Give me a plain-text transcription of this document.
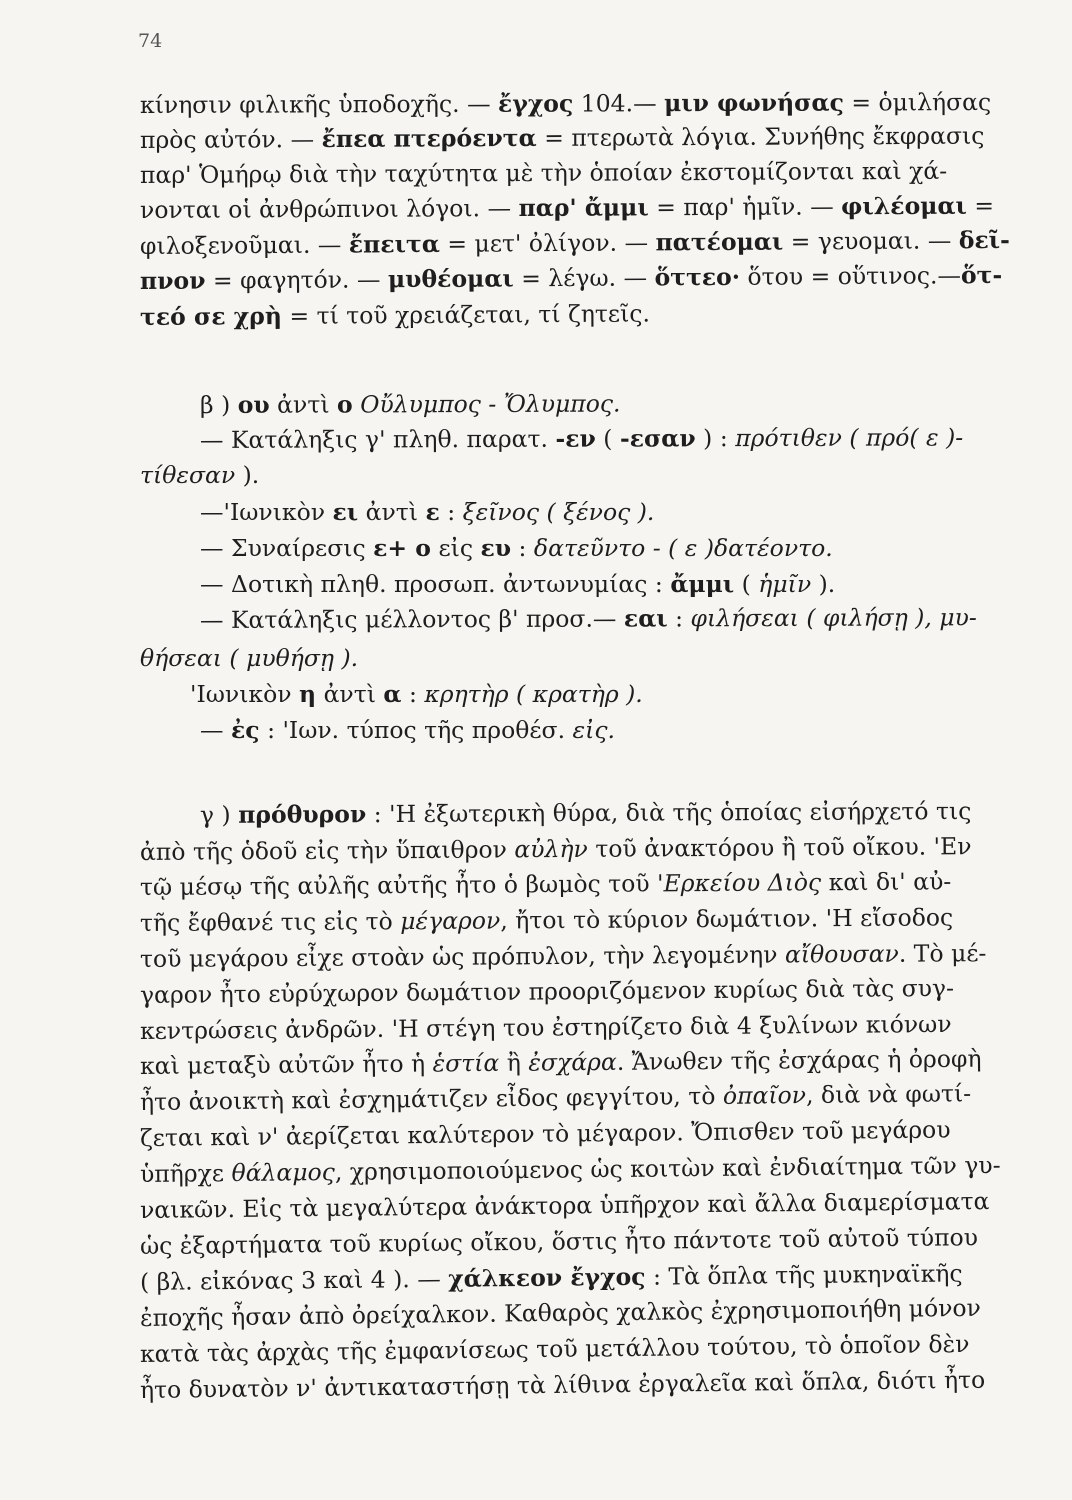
74
κίνησιν φιλικῆς ὑποδοχῆς. — ἔγχος 104.— μιν φωνήσας = ὁμιλήσας
πρὸς αὐτόν. — ἔπεα πτερόεντα = πτερωτὰ λόγια. Συνήθης ἔκφρασις
παρ' Ὁμήρῳ διὰ τὴν ταχύτητα μὲ τὴν ὁποίαν ἐκστομίζονται καὶ χά-
νονται οἱ ἀνθρώπινοι λόγοι. — παρ' ἄμμι = παρ' ἡμῖν. — φιλέομαι =
φιλοξενοῦμαι. — ἔπειτα = μετ' ὀλίγον. — πατέομαι = γευομαι. — δεῖ-
πνον = φαγητόν. — μυθέομαι = λέγω. — ὅττεο· ὅτου = οὕτινος.—ὅτ-
τεό σε χρὴ = τί τοῦ χρειάζεται, τί ζητεῖς.
β ) ου ἀντὶ ο Οὔλυμπος - Ὄλυμπος.
— Κατάληξις γ' πληθ. παρατ. -εν ( -εσαν ) : πρότιθεν ( πρό( ε )-
τίθεσαν ).
—'Ιωνικὸν ει ἀντὶ ε : ξεῖνος ( ξένος ).
— Συναίρεσις ε+ ο εἰς ευ : δατεῦντο - ( ε )δατέοντο.
— Δοτικὴ πληθ. προσωπ. ἀντωνυμίας : ἄμμι ( ἡμῖν ).
— Κατάληξις μέλλοντος β' προσ.— εαι : φιλήσεαι ( φιλήσῃ ), μυ-
θήσεαι ( μυθήσῃ ).
'Ιωνικὸν η ἀντὶ α : κρητὴρ ( κρατὴρ ).
— ἐς : 'Ιων. τύπος τῆς προθέσ. εἰς.
γ ) πρόθυρον : 'Η ἐξωτερικὴ θύρα, διὰ τῆς ὁποίας εἰσήρχετό τις
ἀπὸ τῆς ὁδοῦ εἰς τὴν ὕπαιθρον αὐλὴν τοῦ ἀνακτόρου ἢ τοῦ οἴκου. 'Εν
τῷ μέσῳ τῆς αὐλῆς αὐτῆς ἦτο ὁ βωμὸς τοῦ 'Ερκείου Διὸς καὶ δι' αὐ-
τῆς ἔφθανέ τις εἰς τὸ μέγαρον, ἤτοι τὸ κύριον δωμάτιον. 'Η εἴσοδος
τοῦ μεγάρου εἶχε στοὰν ὡς πρόπυλον, τὴν λεγομένην αἴθουσαν. Τὸ μέ-
γαρον ἦτο εὐρύχωρον δωμάτιον προοριζόμενον κυρίως διὰ τὰς συγ-
κεντρώσεις ἀνδρῶν. 'Η στέγη του ἐστηρίζετο διὰ 4 ξυλίνων κιόνων
καὶ μεταξὺ αὐτῶν ἦτο ἡ ἑστία ἢ ἐσχάρα. Ἄνωθεν τῆς ἐσχάρας ἡ ὀροφὴ
ἦτο ἀνοικτὴ καὶ ἐσχημάτιζεν εἶδος φεγγίτου, τὸ ὀπαῖον, διὰ νὰ φωτί-
ζεται καὶ ν' ἀερίζεται καλύτερον τὸ μέγαρον. Ὄπισθεν τοῦ μεγάρου
ὑπῆρχε θάλαμος, χρησιμοποιούμενος ὡς κοιτὼν καὶ ἐνδιαίτημα τῶν γυ-
ναικῶν. Εἰς τὰ μεγαλύτερα ἀνάκτορα ὑπῆρχον καὶ ἄλλα διαμερίσματα
ὡς ἐξαρτήματα τοῦ κυρίως οἴκου, ὅστις ἦτο πάντοτε τοῦ αὐτοῦ τύπου
( βλ. εἰκόνας 3 καὶ 4 ). — χάλκεον ἔγχος : Τὰ ὅπλα τῆς μυκηναϊκῆς
ἐποχῆς ἦσαν ἀπὸ ὀρείχαλκον. Καθαρὸς χαλκὸς ἐχρησιμοποιήθη μόνον
κατὰ τὰς ἀρχὰς τῆς ἐμφανίσεως τοῦ μετάλλου τούτου, τὸ ὁποῖον δὲν
ἦτο δυνατὸν ν' ἀντικαταστήσῃ τὰ λίθινα ἐργαλεῖα καὶ ὅπλα, διότι ἦτο
